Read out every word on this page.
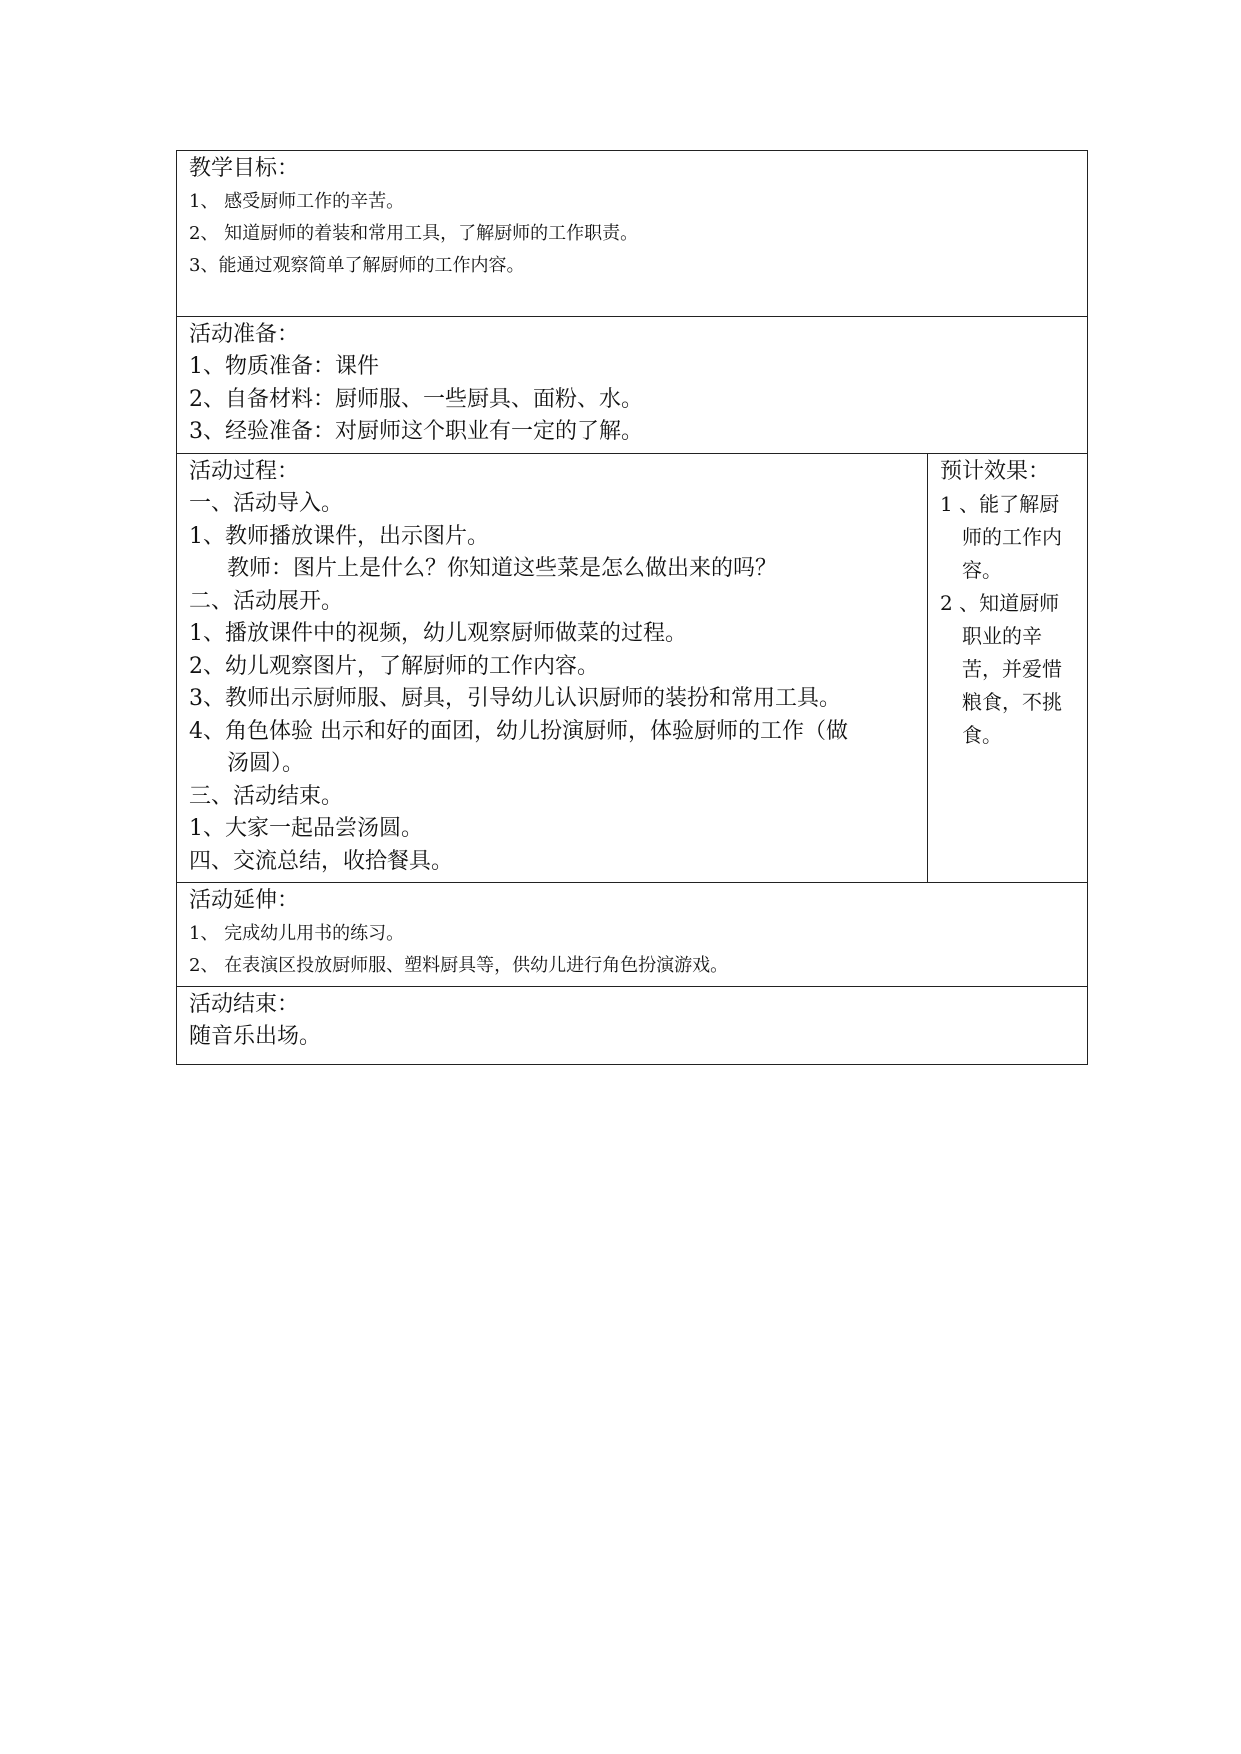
教学目标：
1、 感受厨师工作的辛苦。
2、 知道厨师的着装和常用工具，了解厨师的工作职责。
3、能通过观察简单了解厨师的工作内容。
活动准备：
1、物质准备：课件
2、自备材料：厨师服、一些厨具、面粉、水。
3、经验准备：对厨师这个职业有一定的了解。
活动过程：
一、活动导入。
1、教师播放课件，出示图片。
教师：图片上是什么？你知道这些菜是怎么做出来的吗？
二、活动展开。
1、播放课件中的视频，幼儿观察厨师做菜的过程。
2、幼儿观察图片，了解厨师的工作内容。
3、教师出示厨师服、厨具，引导幼儿认识厨师的装扮和常用工具。
4、角色体验 出示和好的面团，幼儿扮演厨师，体验厨师的工作（做
汤圆）。
三、活动结束。
1、大家一起品尝汤圆。
四、交流总结，收拾餐具。
预计效果：
1 、能了解厨
师的工作内容。
2 、知道厨师
职业的辛苦，并爱惜粮食，不挑食。
活动延伸：
1、 完成幼儿用书的练习。
2、 在表演区投放厨师服、塑料厨具等，供幼儿进行角色扮演游戏。
活动结束：
随音乐出场。
